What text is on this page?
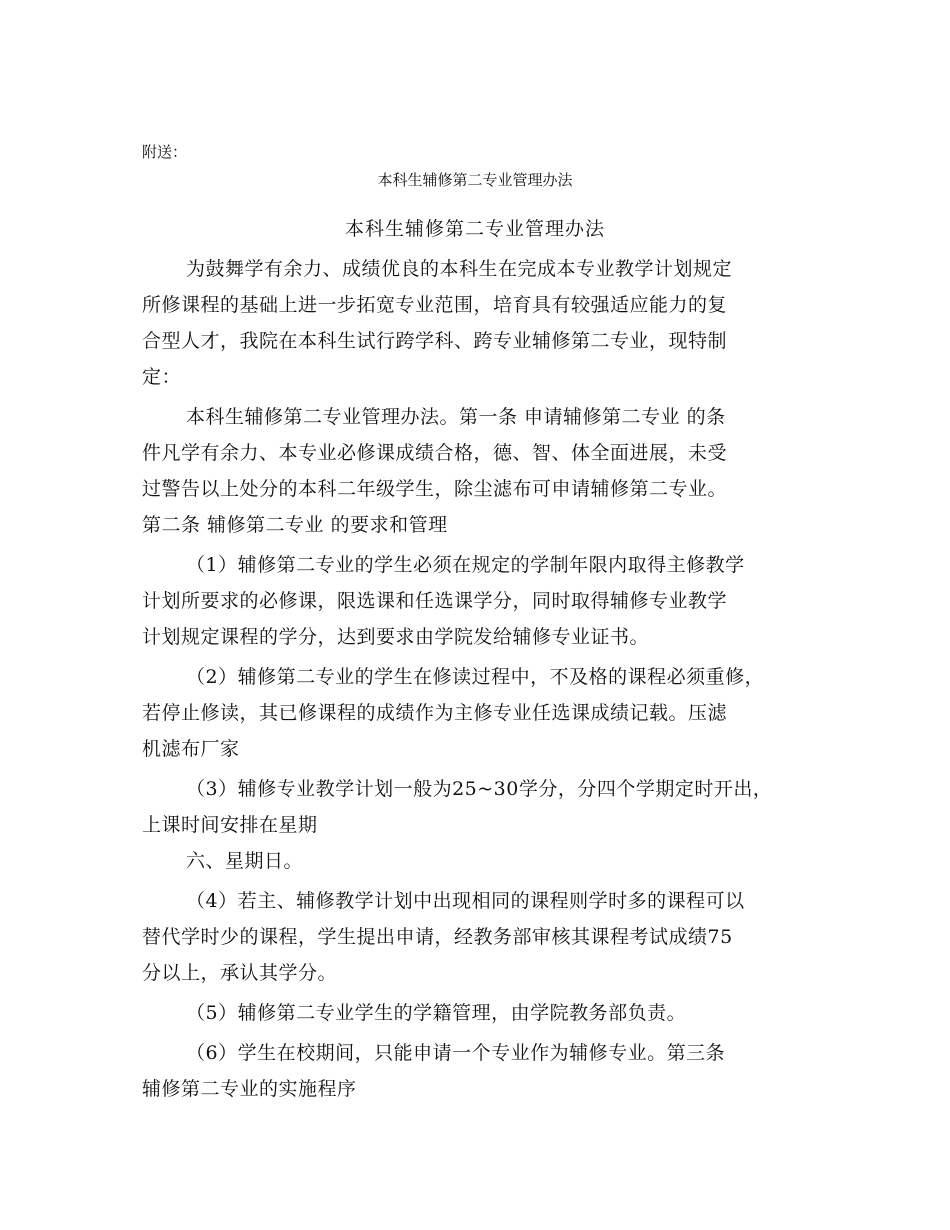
附送：
本科生辅修第二专业管理办法
本科生辅修第二专业管理办法
为鼓舞学有余力、成绩优良的本科生在完成本专业教学计划规定
所修课程的基础上进一步拓宽专业范围，培育具有较强适应能力的复
合型人才，我院在本科生试行跨学科、跨专业辅修第二专业，现特制
定：
本科生辅修第二专业管理办法。第一条 申请辅修第二专业 的条
件凡学有余力、本专业必修课成绩合格，德、智、体全面进展，未受
过警告以上处分的本科二年级学生，除尘滤布可申请辅修第二专业。
第二条 辅修第二专业 的要求和管理
（1）辅修第二专业的学生必须在规定的学制年限内取得主修教学
计划所要求的必修课，限选课和任选课学分，同时取得辅修专业教学
计划规定课程的学分，达到要求由学院发给辅修专业证书。
（2）辅修第二专业的学生在修读过程中，不及格的课程必须重修，
若停止修读，其已修课程的成绩作为主修专业任选课成绩记载。压滤
机滤布厂家
（3）辅修专业教学计划一般为25~30学分，分四个学期定时开出，
上课时间安排在星期
六、星期日。
（4）若主、辅修教学计划中出现相同的课程则学时多的课程可以
替代学时少的课程，学生提出申请，经教务部审核其课程考试成绩75
分以上，承认其学分。
（5）辅修第二专业学生的学籍管理，由学院教务部负责。
（6）学生在校期间，只能申请一个专业作为辅修专业。第三条
辅修第二专业的实施程序
